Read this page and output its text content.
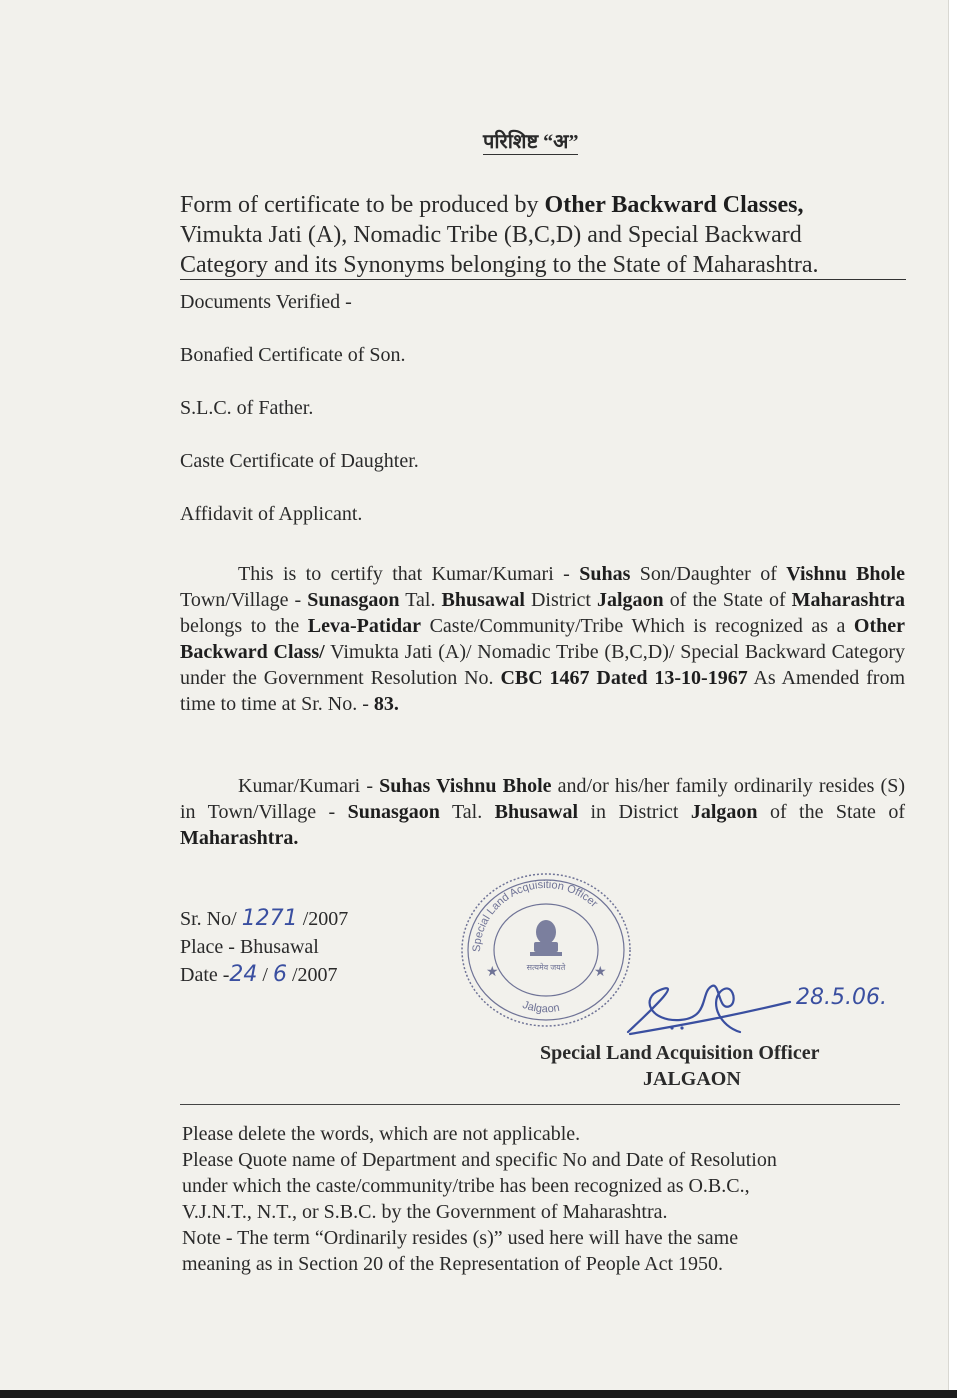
परिशिष्ट “अ”
Form of certificate to be produced by Other Backward Classes,
Vimukta Jati (A), Nomadic Tribe (B,C,D) and Special Backward
Category and its Synonyms belonging to the State of Maharashtra.
Documents Verified -
Bonafied Certificate of Son.
S.L.C. of Father.
Caste Certificate of Daughter.
Affidavit of Applicant.
This is to certify that Kumar/Kumari - Suhas Son/Daughter of Vishnu Bhole Town/Village - Sunasgaon Tal. Bhusawal District Jalgaon of the State of Maharashtra belongs to the Leva-Patidar Caste/Community/Tribe Which is recognized as a Other Backward Class/ Vimukta Jati (A)/ Nomadic Tribe (B,C,D)/ Special Backward Category under the Government Resolution No. CBC 1467 Dated 13-10-1967 As Amended from time to time at Sr. No. - 83.
Kumar/Kumari - Suhas Vishnu Bhole and/or his/her family ordinarily resides (S) in Town/Village - Sunasgaon Tal. Bhusawal in District Jalgaon of the State of Maharashtra.
Sr. No/ 1271 /2007
Place - Bhusawal
Date -24 / 6 /2007
Special Land Acquisition Officer
Jalgaon
सत्यमेव जयते
★	★
28.5.06.
Special Land Acquisition Officer
JALGAON
Please delete the words, which are not applicable.
Please Quote name of Department and specific No and Date of Resolution
under which the caste/community/tribe has been recognized as O.B.C.,
V.J.N.T., N.T., or S.B.C. by the Government of Maharashtra.
Note - The term “Ordinarily resides (s)” used here will have the same
meaning as in Section 20 of the Representation of People Act 1950.
